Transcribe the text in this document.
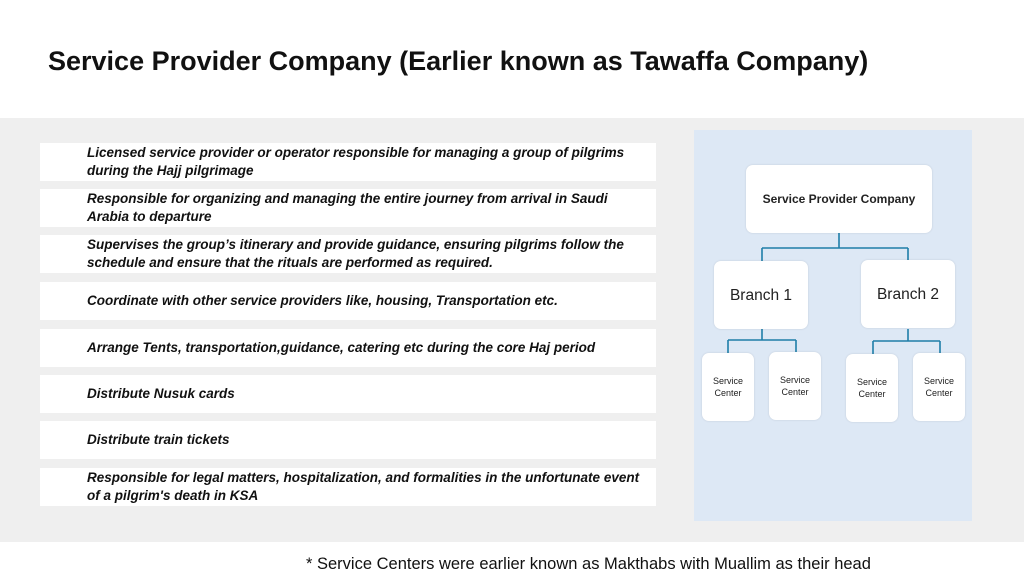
Service Provider Company (Earlier known as Tawaffa Company)
Licensed service provider or operator responsible for managing a group of pilgrims during the Hajj pilgrimage
Responsible for organizing and managing the entire journey from arrival in Saudi Arabia to departure
Supervises the group’s itinerary and provide guidance, ensuring pilgrims follow the schedule and ensure that the rituals are performed as required.
Coordinate with other service providers like, housing, Transportation etc.
Arrange Tents, transportation,guidance, catering etc during the core Haj period
Distribute Nusuk cards
Distribute train tickets
Responsible for legal matters, hospitalization, and formalities in the unfortunate event of a pilgrim's death in KSA
Service Provider Company
Branch 1	Branch 2
Service Center
Service Center
Service Center
Service Center
* Service Centers were earlier known as Makthabs with Muallim as their head
